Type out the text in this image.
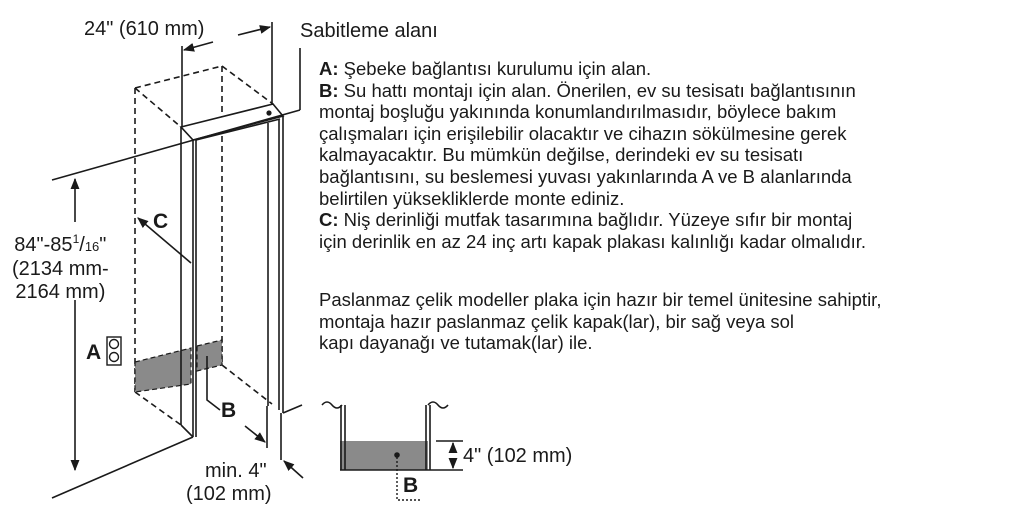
24" (610 mm)	Sabitleme alanı
$84"-85^1/16$"
(2134 mm-
2164 mm)
A
B
C
min. 4"
(102 mm)
4" (102 mm)
B
A: Şebeke bağlantısı kurulumu için alan.
B: Su hattı montajı için alan. Önerilen, ev su tesisatı bağlantısının
montaj boşluğu yakınında konumlandırılmasıdır, böylece bakım
çalışmaları için erişilebilir olacaktır ve cihazın sökülmesine gerek
kalmayacaktır. Bu mümkün değilse, derindeki ev su tesisatı
bağlantısını, su beslemesi yuvası yakınlarında A ve B alanlarında
belirtilen yüksekliklerde monte ediniz.
C: Niş derinliği mutfak tasarımına bağlıdır. Yüzeye sıfır bir montaj
için derinlik en az 24 inç artı kapak plakası kalınlığı kadar olmalıdır.
Paslanmaz çelik modeller plaka için hazır bir temel ünitesine sahiptir,
montaja hazır paslanmaz çelik kapak(lar), bir sağ veya sol
kapı dayanağı ve tutamak(lar) ile.
